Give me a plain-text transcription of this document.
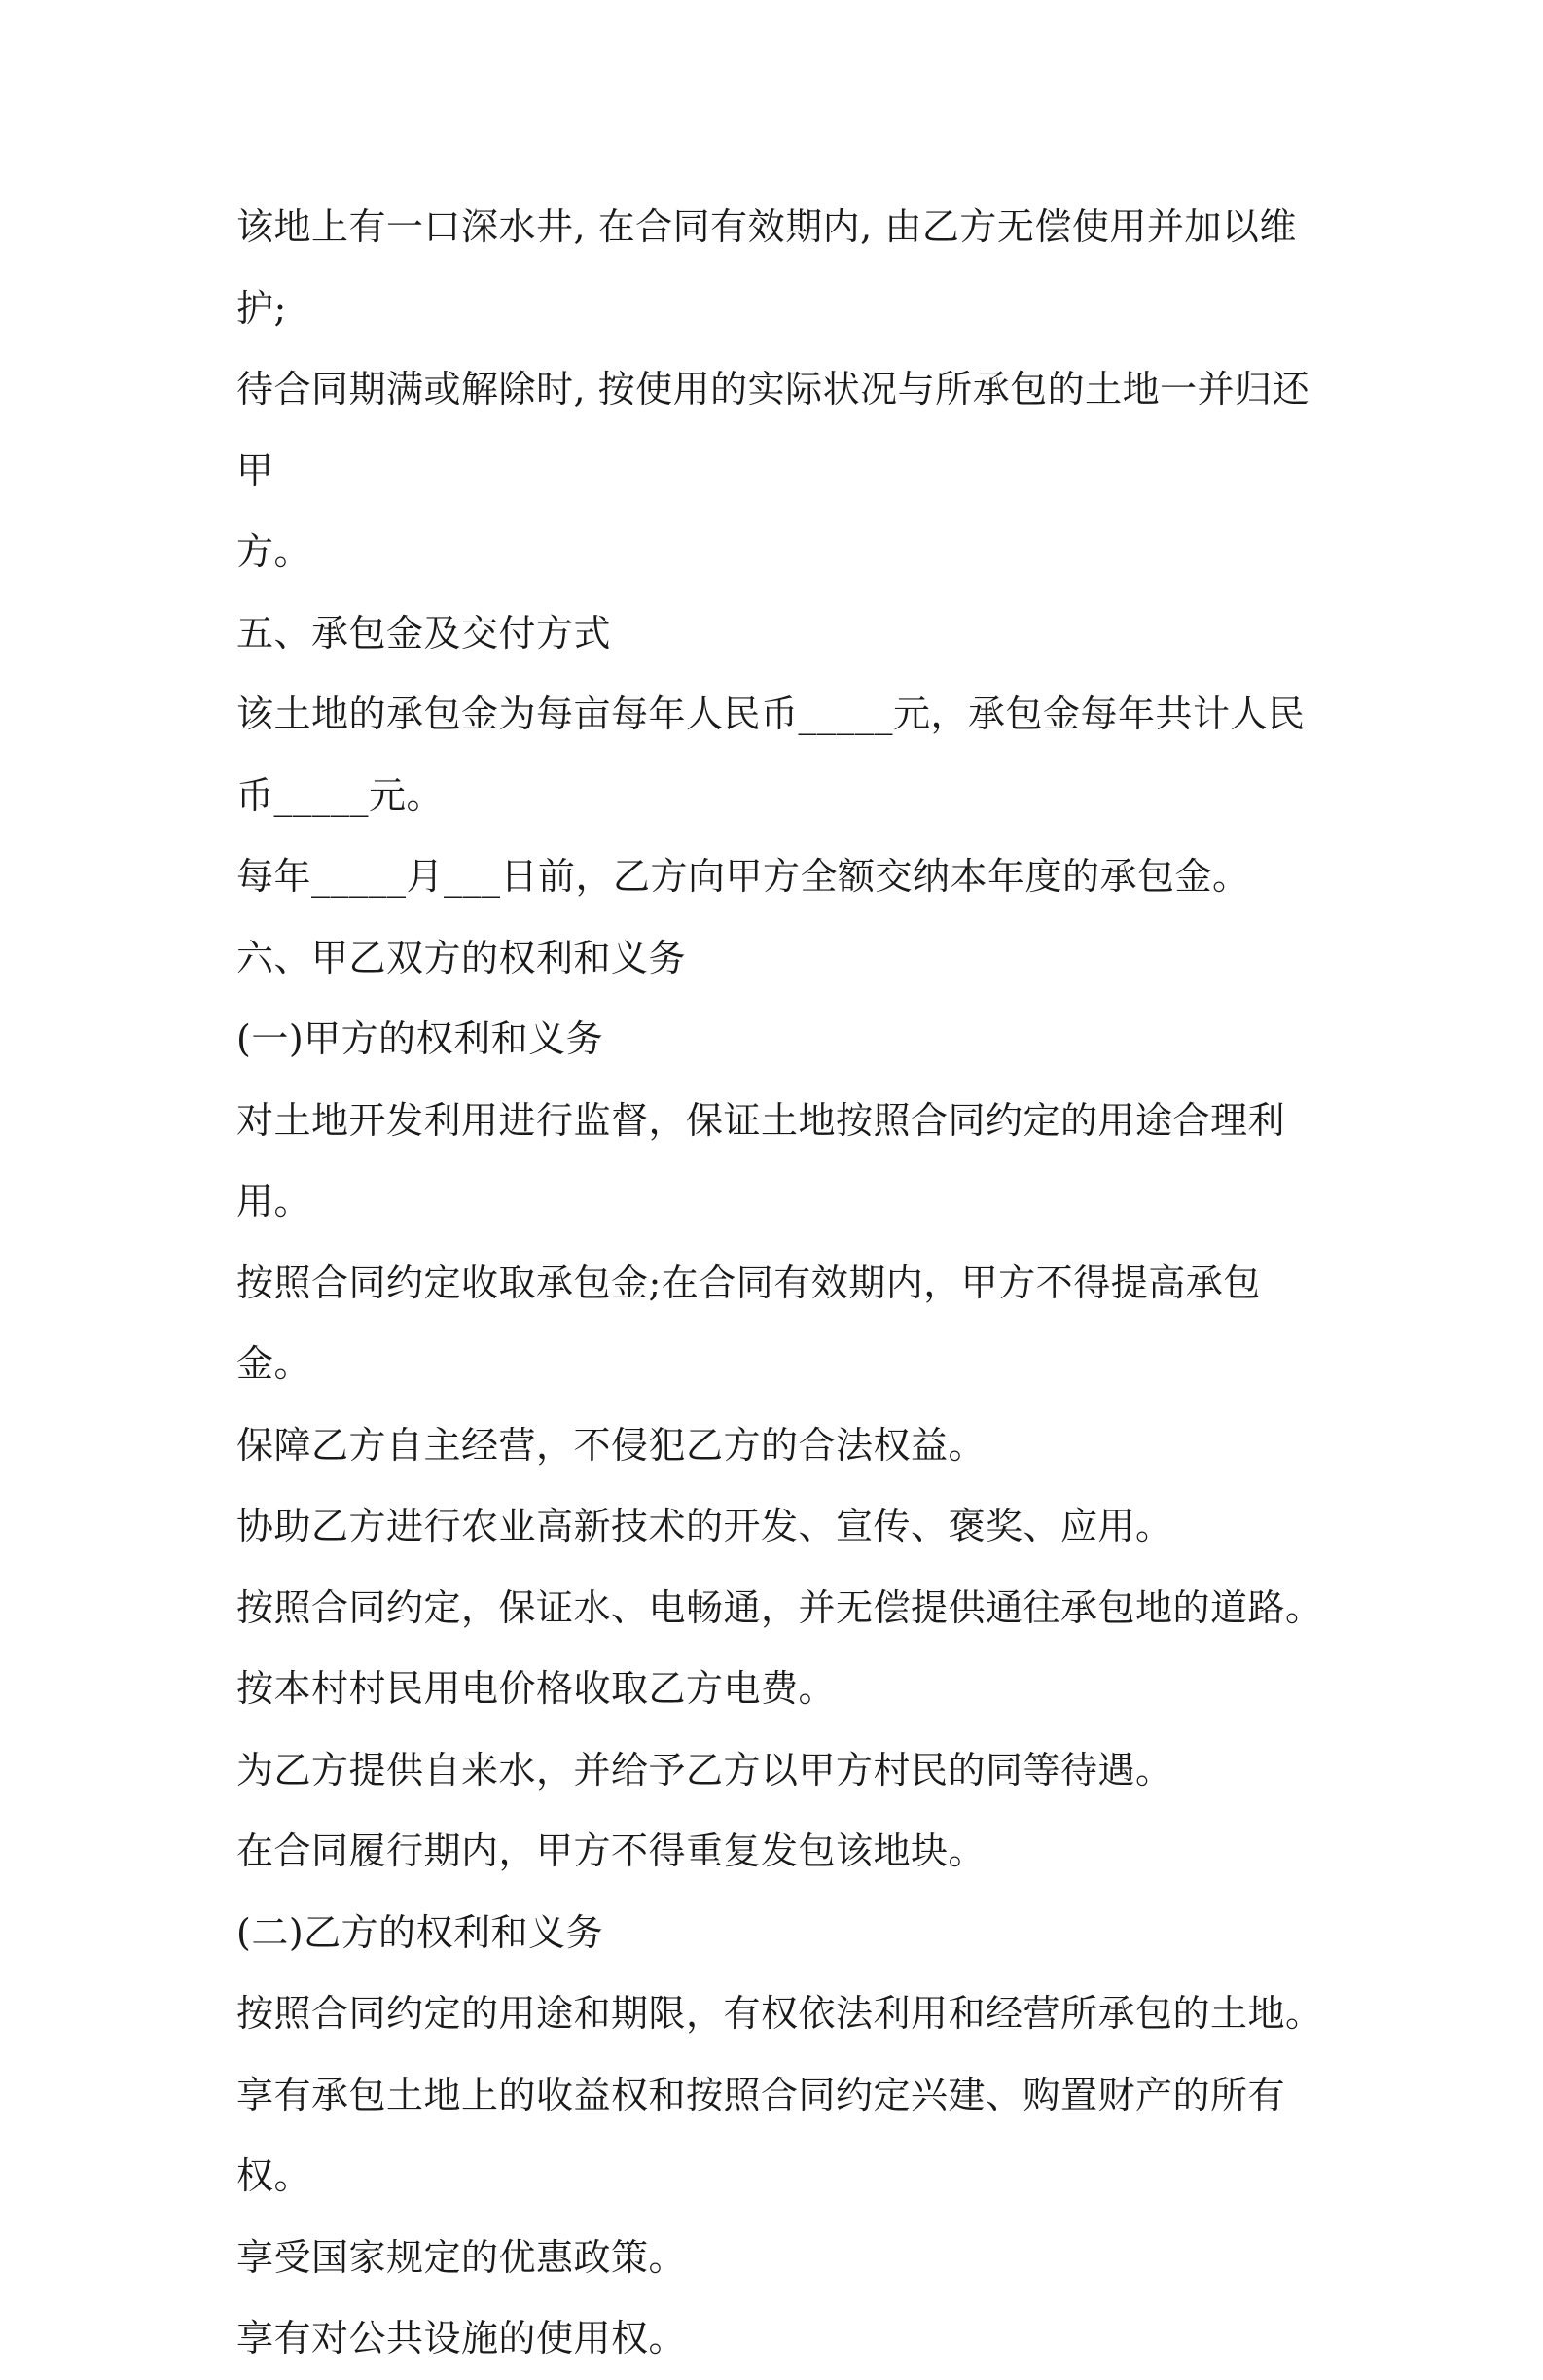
该地上有一口深水井, 在合同有效期内, 由乙方无偿使用并加以维护;

待合同期满或解除时, 按使用的实际状况与所承包的土地一并归还甲

方。

五、承包金及交付方式

该土地的承包金为每亩每年人民币_____元，承包金每年共计人民

币_____元。

每年_____月___日前，乙方向甲方全额交纳本年度的承包金。

六、甲乙双方的权利和义务

(一)甲方的权利和义务

对土地开发利用进行监督，保证土地按照合同约定的用途合理利用。

按照合同约定收取承包金;在合同有效期内，甲方不得提高承包金。

保障乙方自主经营，不侵犯乙方的合法权益。

协助乙方进行农业高新技术的开发、宣传、褒奖、应用。

按照合同约定，保证水、电畅通，并无偿提供通往承包地的道路。

按本村村民用电价格收取乙方电费。

为乙方提供自来水，并给予乙方以甲方村民的同等待遇。

在合同履行期内，甲方不得重复发包该地块。

(二)乙方的权利和义务

按照合同约定的用途和期限，有权依法利用和经营所承包的土地。

享有承包土地上的收益权和按照合同约定兴建、购置财产的所有权。

享受国家规定的优惠政策。

享有对公共设施的使用权。
